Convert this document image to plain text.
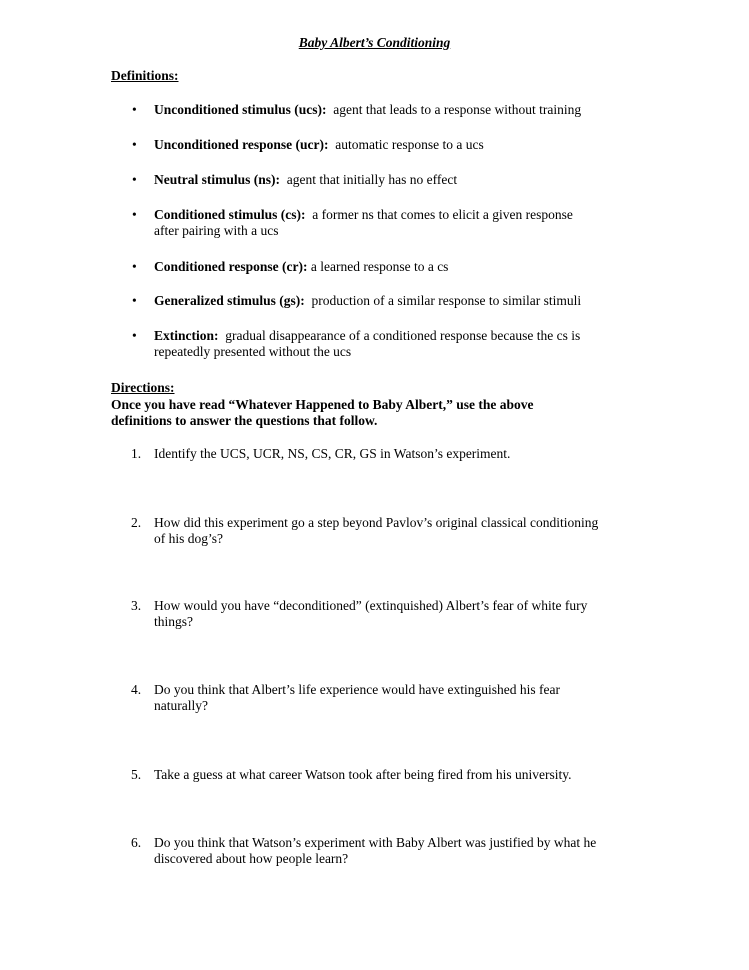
Baby Albert’s Conditioning
Definitions:
• Unconditioned stimulus (ucs): agent that leads to a response without training
• Unconditioned response (ucr): automatic response to a ucs
• Neutral stimulus (ns): agent that initially has no effect
• Conditioned stimulus (cs): a former ns that comes to elicit a given response
after pairing with a ucs
• Conditioned response (cr): a learned response to a cs
• Generalized stimulus (gs): production of a similar response to similar stimuli
• Extinction: gradual disappearance of a conditioned response because the cs is
repeatedly presented without the ucs
Directions:
Once you have read “Whatever Happened to Baby Albert,” use the above
definitions to answer the questions that follow.
1. Identify the UCS, UCR, NS, CS, CR, GS in Watson’s experiment.
2. How did this experiment go a step beyond Pavlov’s original classical conditioning
of his dog’s?
3. How would you have “deconditioned” (extinquished) Albert’s fear of white fury
things?
4. Do you think that Albert’s life experience would have extinguished his fear
naturally?
5. Take a guess at what career Watson took after being fired from his university.
6. Do you think that Watson’s experiment with Baby Albert was justified by what he
discovered about how people learn?
